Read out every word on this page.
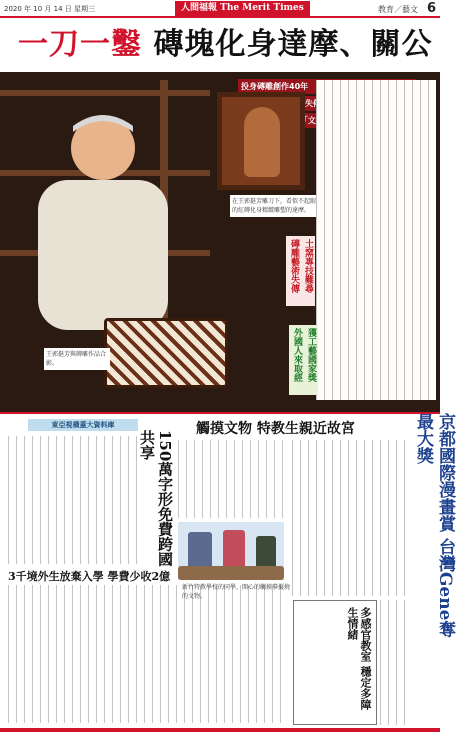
2020 年 10 月 14 日 星期三	人間福報 The Merit Times	教育／藝文 6
一刀一鑿 磚塊化身達摩、關公
投身磚雕創作40年
在王郭挺芳雕刀下，看似不起眼的紅磚化身精緻雕塑的達摩。
王郭挺芳與磚雕作品合影。
土窯專技難尋
磚雕藝術失傳
獲工藝國家獎
外國人來取經
東亞視橫蓋大資料庫	觸摸文物 特教生親近故宮	京都國際漫畫賞 台灣Gene奪最大獎
150萬字形免費跨國共享
3千境外生放棄入學 學費少收2億
新竹特教學校的同學，開心的觸摸摹擬燒的文物。
多感官教室 穩定多障生情緒
